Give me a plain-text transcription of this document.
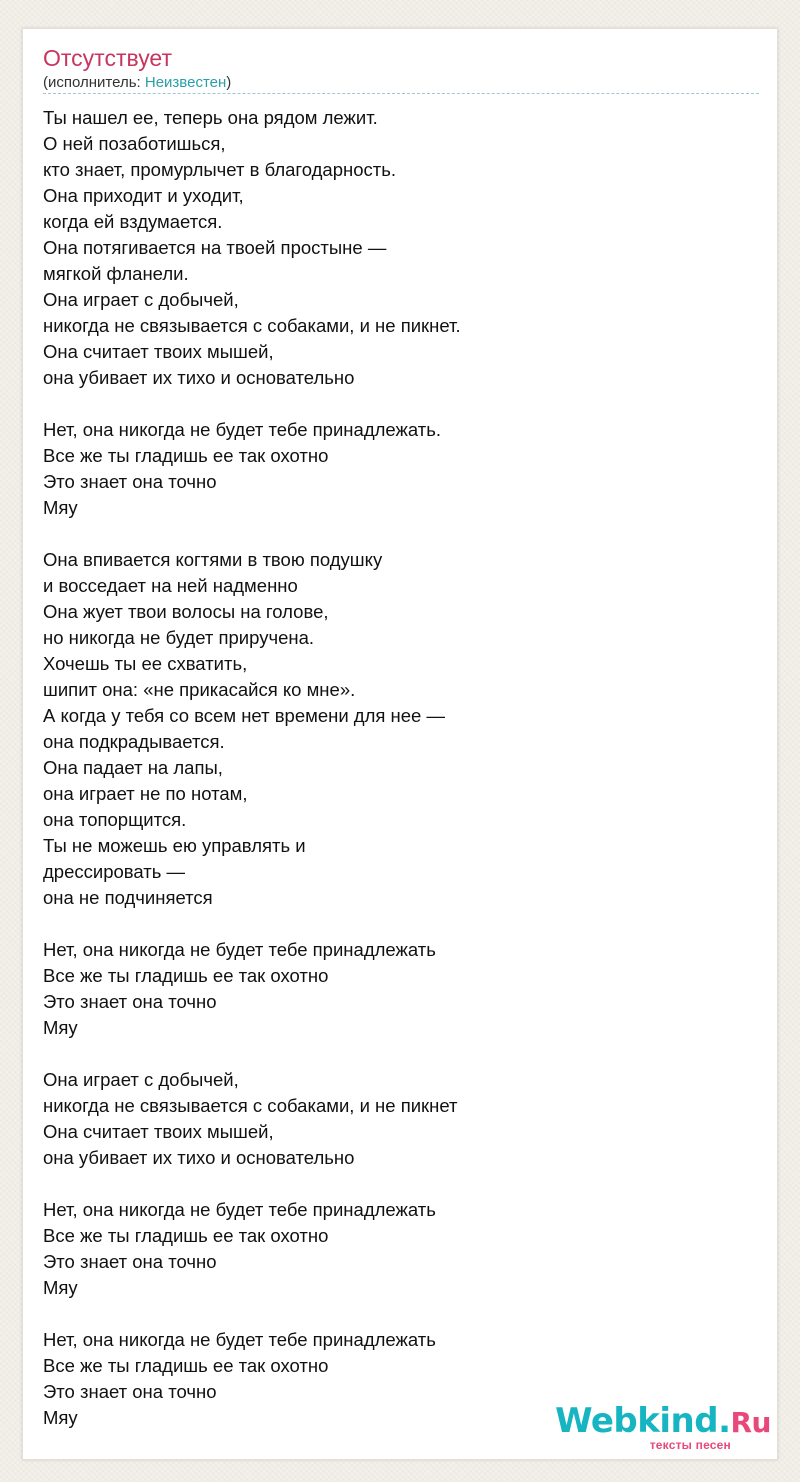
Отсутствует
(исполнитель: Неизвестен)
Ты нашел ее, теперь она рядом лежит.
О ней позаботишься,
кто знает, промурлычет в благодарность.
Она приходит и уходит,
когда ей вздумается.
Она потягивается на твоей простыне —
мягкой фланели.
Она играет с добычей,
никогда не связывается с собаками, и не пикнет.
Она считает твоих мышей,
она убивает их тихо и основательно
Нет, она никогда не будет тебе принадлежать.
Все же ты гладишь ее так охотно
Это знает она точно
Мяу
Она впивается когтями в твою подушку
и восседает на ней надменно
Она жует твои волосы на голове,
но никогда не будет приручена.
Хочешь ты ее схватить,
шипит она: «не прикасайся ко мне».
А когда у тебя со всем нет времени для нее —
она подкрадывается.
Она падает на лапы,
она играет не по нотам,
она топорщится.
Ты не можешь ею управлять и
дрессировать —
она не подчиняется
Нет, она никогда не будет тебе принадлежать
Все же ты гладишь ее так охотно
Это знает она точно
Мяу
Она играет с добычей,
никогда не связывается с собаками, и не пикнет
Она считает твоих мышей,
она убивает их тихо и основательно
Нет, она никогда не будет тебе принадлежать
Все же ты гладишь ее так охотно
Это знает она точно
Мяу
Нет, она никогда не будет тебе принадлежать
Все же ты гладишь ее так охотно
Это знает она точно
Мяу	Webkind.Ru
тексты песен
